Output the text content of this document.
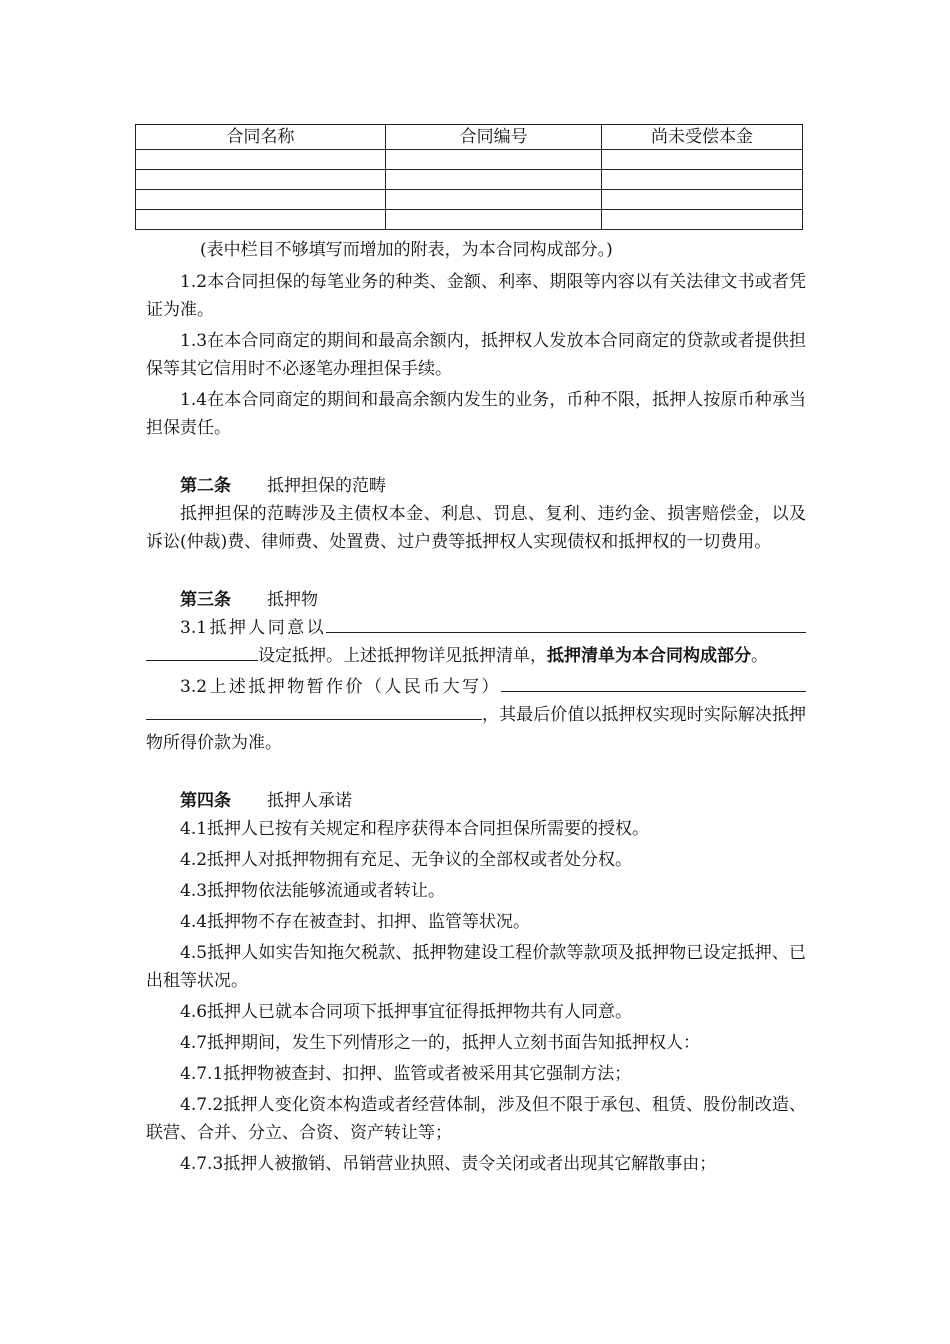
合同名称	合同编号	尚未受偿本金

(表中栏目不够填写而增加的附表，为本合同构成部分。)

1.2本合同担保的每笔业务的种类、金额、利率、期限等内容以有关法律文书或者凭证为准。

1.3在本合同商定的期间和最高余额内，抵押权人发放本合同商定的贷款或者提供担保等其它信用时不必逐笔办理担保手续。

1.4在本合同商定的期间和最高余额内发生的业务，币种不限，抵押人按原币种承当担保责任。

第二条 抵押担保的范畴

抵押担保的范畴涉及主债权本金、利息、罚息、复利、违约金、损害赔偿金，以及诉讼(仲裁)费、律师费、处置费、过户费等抵押权人实现债权和抵押权的一切费用。

第三条 抵押物

3.1抵押人同意以设定抵押。上述抵押物详见抵押清单，抵押清单为本合同构成部分。

3.2上述抵押物暂作价（人民币大写），其最后价值以抵押权实现时实际解决抵押物所得价款为准。

第四条 抵押人承诺

4.1抵押人已按有关规定和程序获得本合同担保所需要的授权。

4.2抵押人对抵押物拥有充足、无争议的全部权或者处分权。

4.3抵押物依法能够流通或者转让。

4.4抵押物不存在被查封、扣押、监管等状况。

4.5抵押人如实告知拖欠税款、抵押物建设工程价款等款项及抵押物已设定抵押、已出租等状况。

4.6抵押人已就本合同项下抵押事宜征得抵押物共有人同意。

4.7抵押期间，发生下列情形之一的，抵押人立刻书面告知抵押权人：

4.7.1抵押物被查封、扣押、监管或者被采用其它强制方法；

4.7.2抵押人变化资本构造或者经营体制，涉及但不限于承包、租赁、股份制改造、联营、合并、分立、合资、资产转让等；

4.7.3抵押人被撤销、吊销营业执照、责令关闭或者出现其它解散事由；
